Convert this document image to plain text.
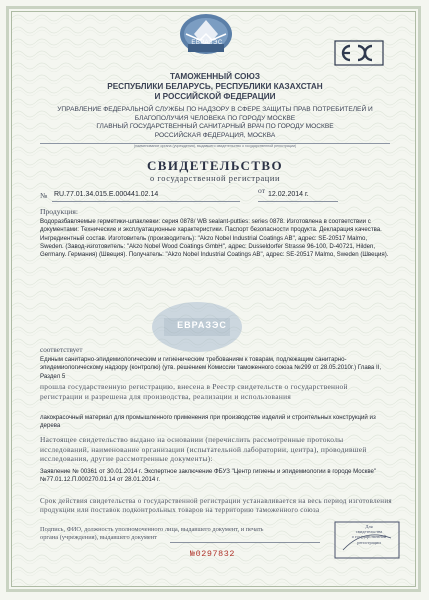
ЕВРАЗЭС
ТАМОЖЕННЫЙ СОЮЗ
РЕСПУБЛИКИ БЕЛАРУСЬ, РЕСПУБЛИКИ КАЗАХСТАН
И РОССИЙСКОЙ ФЕДЕРАЦИИ
УПРАВЛЕНИЕ ФЕДЕРАЛЬНОЙ СЛУЖБЫ ПО НАДЗОРУ В СФЕРЕ ЗАЩИТЫ ПРАВ ПОТРЕБИТЕЛЕЙ И
БЛАГОПОЛУЧИЯ ЧЕЛОВЕКА ПО ГОРОДУ МОСКВЕ
ГЛАВНЫЙ ГОСУДАРСТВЕННЫЙ САНИТАРНЫЙ ВРАЧ ПО ГОРОДУ МОСКВЕ
РОССИЙСКАЯ ФЕДЕРАЦИЯ, МОСКВА
(наименование органа (учреждения), выдавшего свидетельство о государственной регистрации)
СВИДЕТЕЛЬСТВО
о государственной регистрации
№ RU.77.01.34.015.Е.000441.02.14	от 12.02.2014 г.
Продукция:
Водоразбавляемые герметики-шпаклевки: серия 0878/ WB sealant-putties: series 0878. Изготовлена в соответствии с документами: Технические и эксплуатационные характеристики. Паспорт безопасности продукта. Декларация качества. Ингредиентный состав. Изготовитель (производитель): "Akzo Nobel Industrial Coatings AB", адрес: SE-20517 Malmo, Sweden. (Завод-изготовитель: "Akzo Nobel Wood Coatings GmbH", адрес: Dusseldorfer Strasse 96-100, D-40721, Hilden, Germany. Германия) (Швеция). Получатель: "Akzo Nobel Industrial Coatings AB", адрес: SE-20517 Malmo, Sweden (Швеция).
ЕВРАЗЭС
соответствует
Единым санитарно-эпидемиологическим и гигиеническим требованиям к товарам, подлежащим санитарно-эпидемиологическому надзору (контролю) (утв. решением Комиссии таможенного союза №299 от 28.05.2010г.) Глава II, Раздел 5
прошла государственную регистрацию, внесена в Реестр свидетельств о государственной регистрации и разрешена для производства, реализации и использования
лакокрасочный материал для промышленного применения при производстве изделий и строительных конструкций из дерева
Настоящее свидетельство выдано на основании (перечислить рассмотренные протоколы исследований, наименование организации (испытательной лаборатории, центра), проводившей исследования, другие рассмотренные документы):
Заявление № 00361 от 30.01.2014 г. Экспертное заключение ФБУЗ "Центр гигиены и эпидемиологии в городе Москве" №77.01.12.П.000270.01.14 от 28.01.2014 г.
Срок действия свидетельства о государственной регистрации устанавливается на весь период изготовления продукции или поставок подконтрольных товаров на территорию таможенного союза
Подпись, ФИО, должность уполномоченного лица, выдавшего документ, и печать органа (учреждения), выдавшего документ
Для
свидетельства
о государственной
регистрации
№0297832
